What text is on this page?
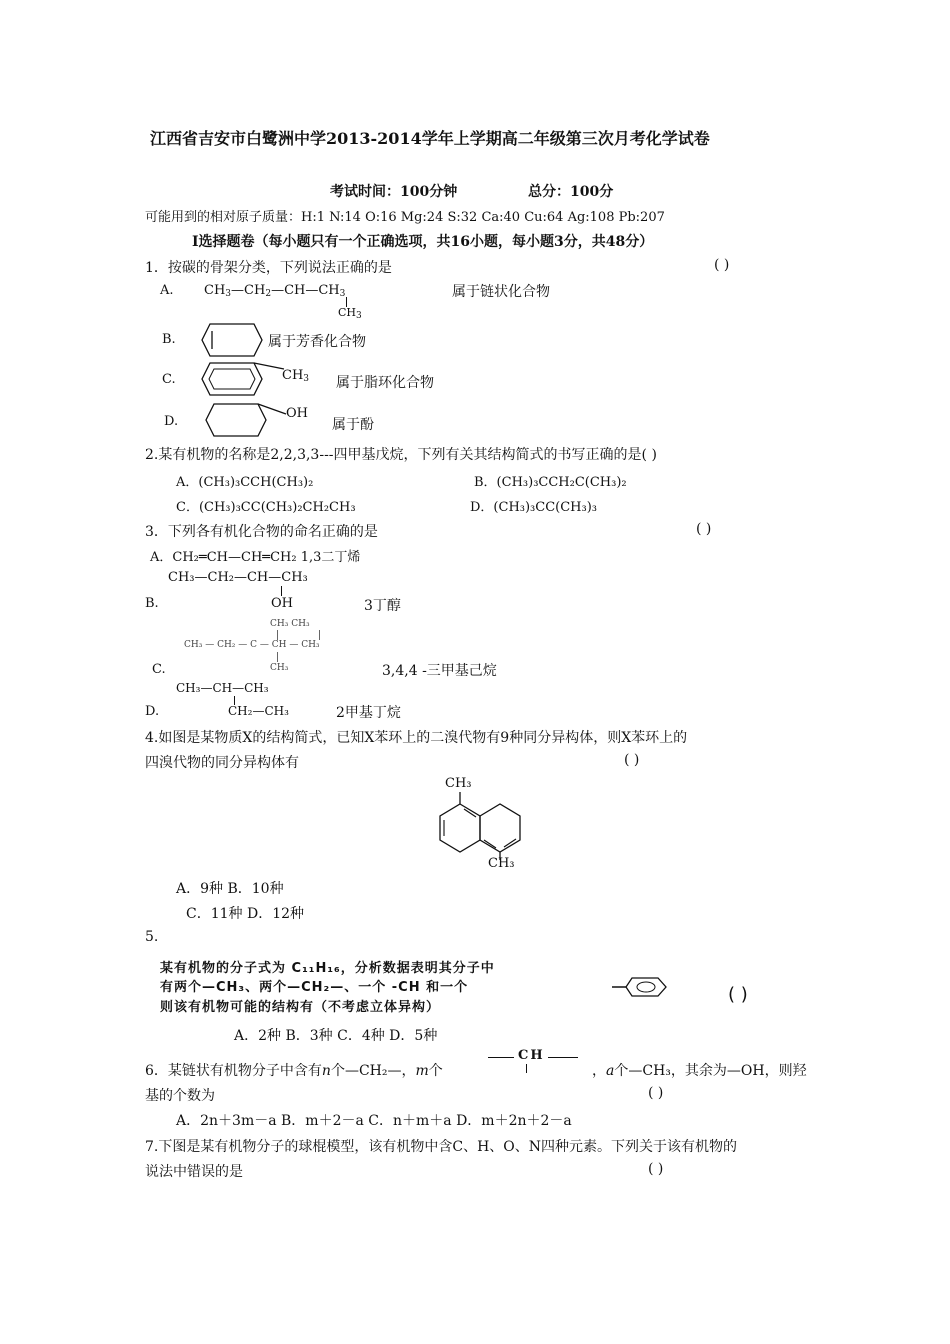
江西省吉安市白鹭洲中学2013-2014学年上学期高二年级第三次月考化学试卷
考试时间：100分钟	总分：100分
可能用到的相对原子质量：H:1 N:14 O:16 Mg:24 S:32 Ca:40 Cu:64 Ag:108 Pb:207
I选择题卷（每小题只有一个正确选项，共16小题，每小题3分，共48分）
1．按碳的骨架分类，下列说法正确的是	( )
A. $CH_3—CH_2—CH—CH_3$
$CH_3$
属于链状化合物
B.	属于芳香化合物
C.	$CH_3$ 属于脂环化合物
D.
OH
属于酚
2.某有机物的名称是2,2,3,3---四甲基戊烷，下列有关其结构简式的书写正确的是( )
A．(CH₃)₃CCH(CH₃)₂	B．(CH₃)₃CCH₂C(CH₃)₂
C．(CH₃)₃CC(CH₃)₂CH₂CH₃	D．(CH₃)₃CC(CH₃)₃
3．下列各有机化合物的命名正确的是	( )
A．CH₂═CH—CH═CH₂ 1,3二丁烯
CH₃—CH₂—CH—CH₃
B.	OH	3丁醇
CH₃ CH₃
CH₃ — CH₂ — C — CH — CH₃
C.	CH₃	3,4,4 -三甲基己烷
CH₃—CH—CH₃
D.	CH₂—CH₃	2甲基丁烷
4.如图是某物质X的结构简式，已知X苯环上的二溴代物有9种同分异构体，则X苯环上的
四溴代物的同分异构体有	( )
CH₃
CH₃
A．9种 B．10种
C．11种 D．12种
5.
某有机物的分子式为 C₁₁H₁₆，分析数据表明其分子中
有两个—CH₃、两个—CH₂—、一个 -CH 和一个
则该有机物可能的结构有（不考虑立体异构）
( )
A．2种 B．3种 C．4种 D．5种
6．某链状有机物分子中含有n个—CH₂—，m个
CH
，a个—CH₃，其余为—OH，则羟
基的个数为	( )
A．2n＋3m－a B．m＋2－a C．n＋m＋a D．m＋2n＋2－a
7.下图是某有机物分子的球棍模型，该有机物中含C、H、O、N四种元素。下列关于该有机物的
说法中错误的是	( )
